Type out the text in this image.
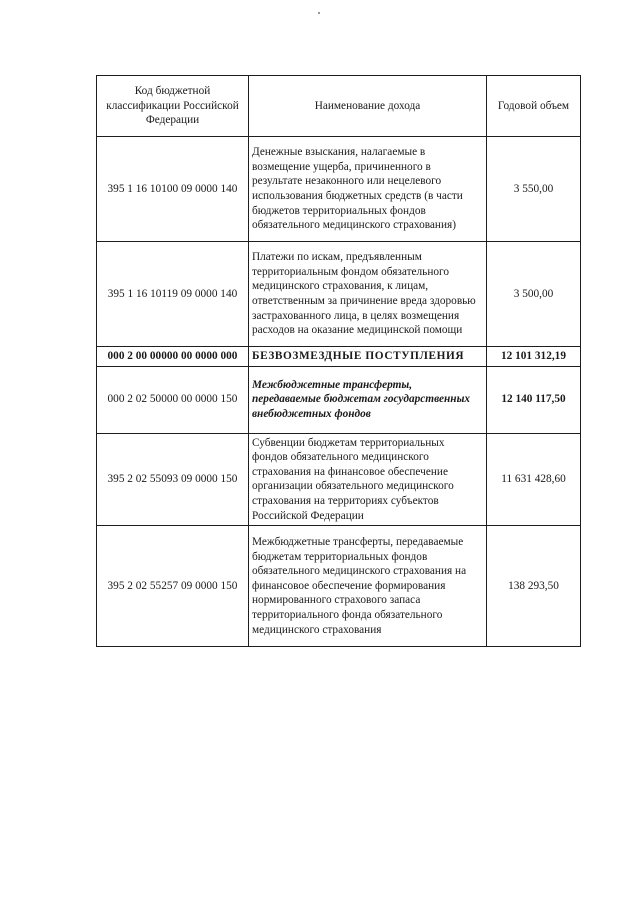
Код бюджетной классификации Российской Федерации	Наименование дохода	Годовой объем
395 1 16 10100 09 0000 140	Денежные взыскания, налагаемые в возмещение ущерба, причиненного в результате незаконного или нецелевого использования бюджетных средств (в части бюджетов территориальных фондов обязательного медицинского страхования)	3 550,00
395 1 16 10119 09 0000 140	Платежи по искам, предъявленным территориальным фондом обязательного медицинского страхования, к лицам, ответственным за причинение вреда здоровью застрахованного лица, в целях возмещения расходов на оказание медицинской помощи	3 500,00
000 2 00 00000 00 0000 000	БЕЗВОЗМЕЗДНЫЕ ПОСТУПЛЕНИЯ	12 101 312,19
000 2 02 50000 00 0000 150	Межбюджетные трансферты, передаваемые бюджетам государственных внебюджетных фондов	12 140 117,50
395 2 02 55093 09 0000 150	Субвенции бюджетам территориальных фондов обязательного медицинского страхования на финансовое обеспечение организации обязательного медицинского страхования на территориях субъектов Российской Федерации	11 631 428,60
395 2 02 55257 09 0000 150	Межбюджетные трансферты, передаваемые бюджетам территориальных фондов обязательного медицинского страхования на финансовое обеспечение формирования нормированного страхового запаса территориального фонда обязательного медицинского страхования	138 293,50
